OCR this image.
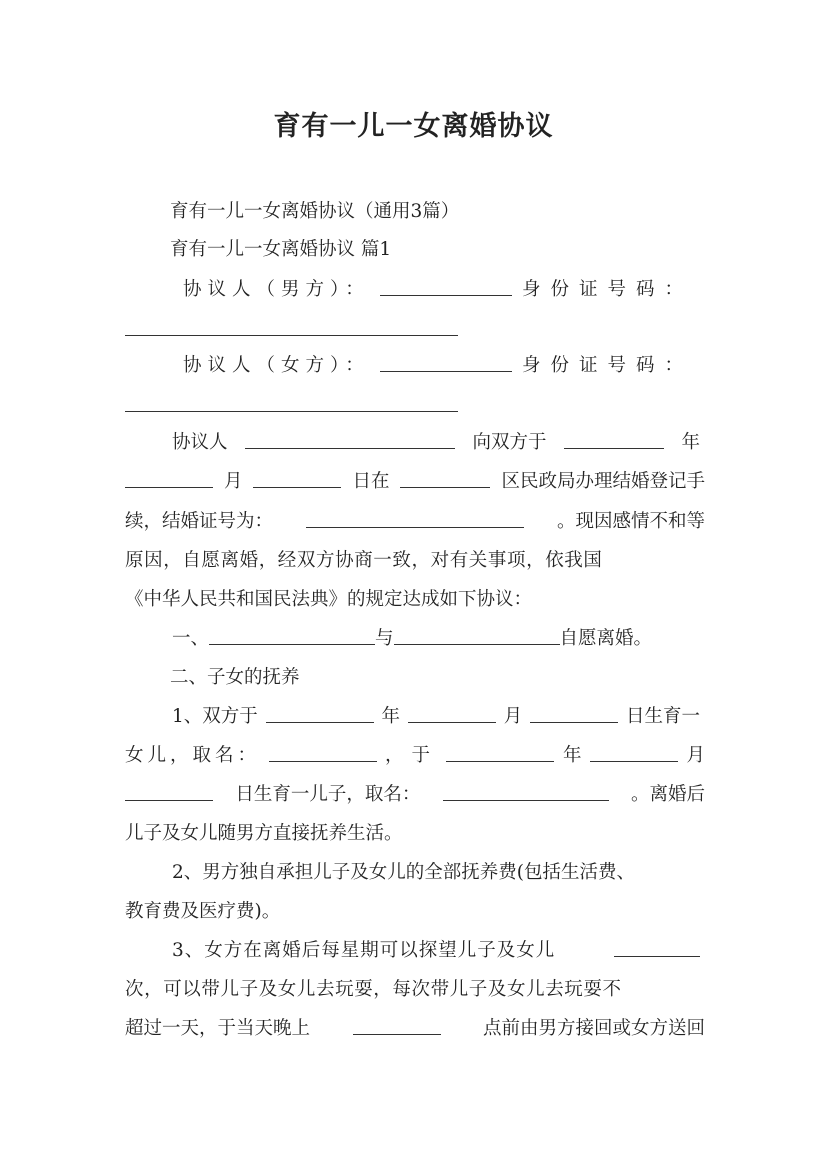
育有一儿一女离婚协议
育有一儿一女离婚协议（通用3篇）
育有一儿一女离婚协议 篇1
协议人（男方）：	身份证号码：
协议人（女方）：	身份证号码：
协议人	向双方于	年
月	日在	区民政局办理结婚登记手
续，结婚证号为：	。现因感情不和等
原因，自愿离婚，经双方协商一致，对有关事项，依我国
《中华人民共和国民法典》的规定达成如下协议：
一、	与	自愿离婚。
二、子女的抚养
1、双方于	年	月	日生育一
女儿，取名：	，于	年	月
日生育一儿子，取名：	。离婚后
儿子及女儿随男方直接抚养生活。
2、男方独自承担儿子及女儿的全部抚养费(包括生活费、
教育费及医疗费)。
3、女方在离婚后每星期可以探望儿子及女儿
次，可以带儿子及女儿去玩耍，每次带儿子及女儿去玩耍不
超过一天，于当天晚上	点前由男方接回或女方送回
